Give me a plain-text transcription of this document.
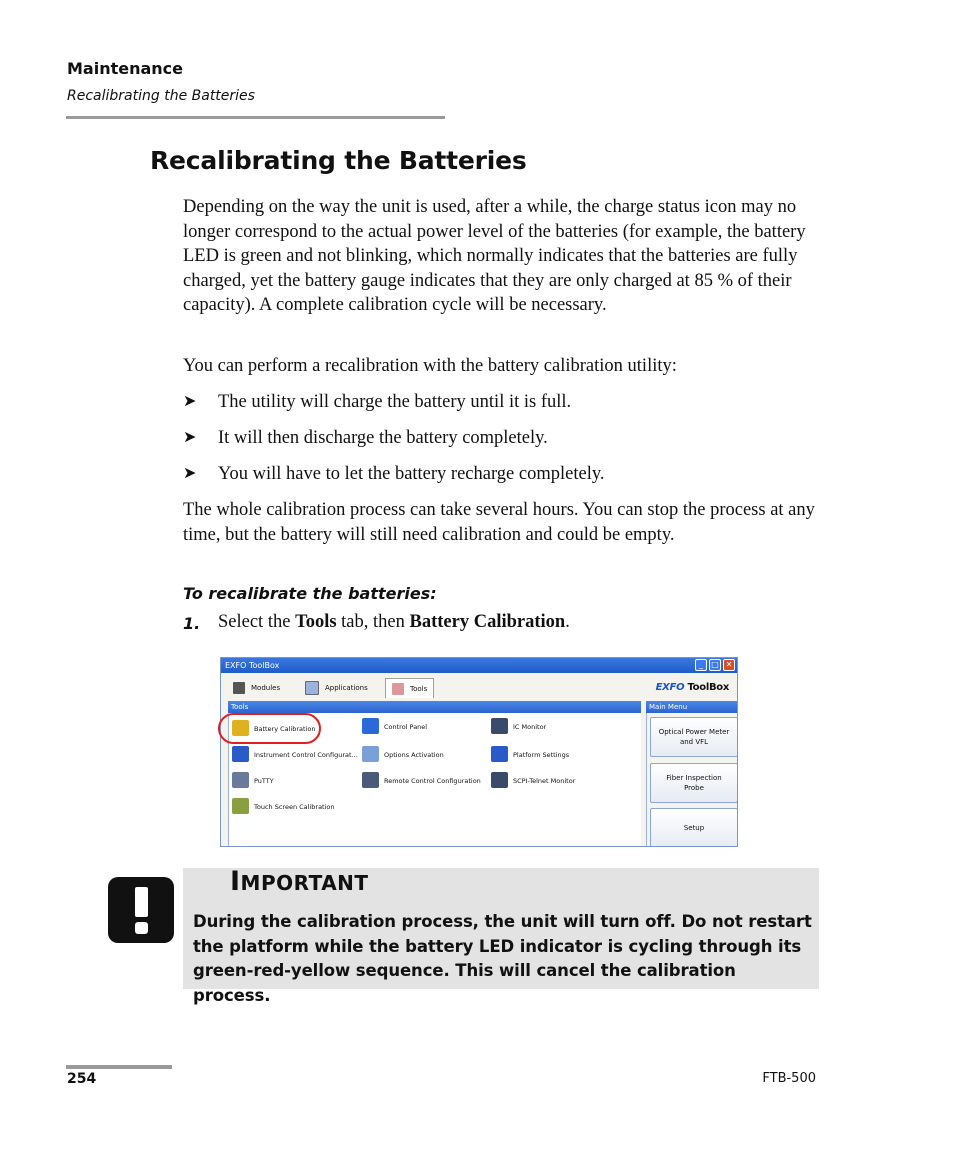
Maintenance
Recalibrating the Batteries
Recalibrating the Batteries
Depending on the way the unit is used, after a while, the charge status icon may no longer correspond to the actual power level of the batteries (for example, the battery LED is green and not blinking, which normally indicates that the batteries are fully charged, yet the battery gauge indicates that they are only charged at 85 % of their capacity). A complete calibration cycle will be necessary.
You can perform a recalibration with the battery calibration utility:
➤ The utility will charge the battery until it is full.
➤ It will then discharge the battery completely.
➤ You will have to let the battery recharge completely.
The whole calibration process can take several hours. You can stop the process at any time, but the battery will still need calibration and could be empty.
To recalibrate the batteries:
1. Select the Tools tab, then Battery Calibration.
EXFO ToolBox	_	□ ✕
Modules	Applications	Tools	EXFO ToolBox
Tools
Battery Calibration	Control Panel	IC Monitor
Instrument Control Configurat...	Options Activation	Platform Settings
PuTTY	Remote Control Configuration	SCPI-Telnet Monitor
Touch Screen Calibration
Main Menu
Optical Power Meter and VFL
Fiber Inspection Probe
Setup
IMPORTANT
During the calibration process, the unit will turn off. Do not restart the platform while the battery LED indicator is cycling through its green-red-yellow sequence. This will cancel the calibration process.
254	FTB-500
